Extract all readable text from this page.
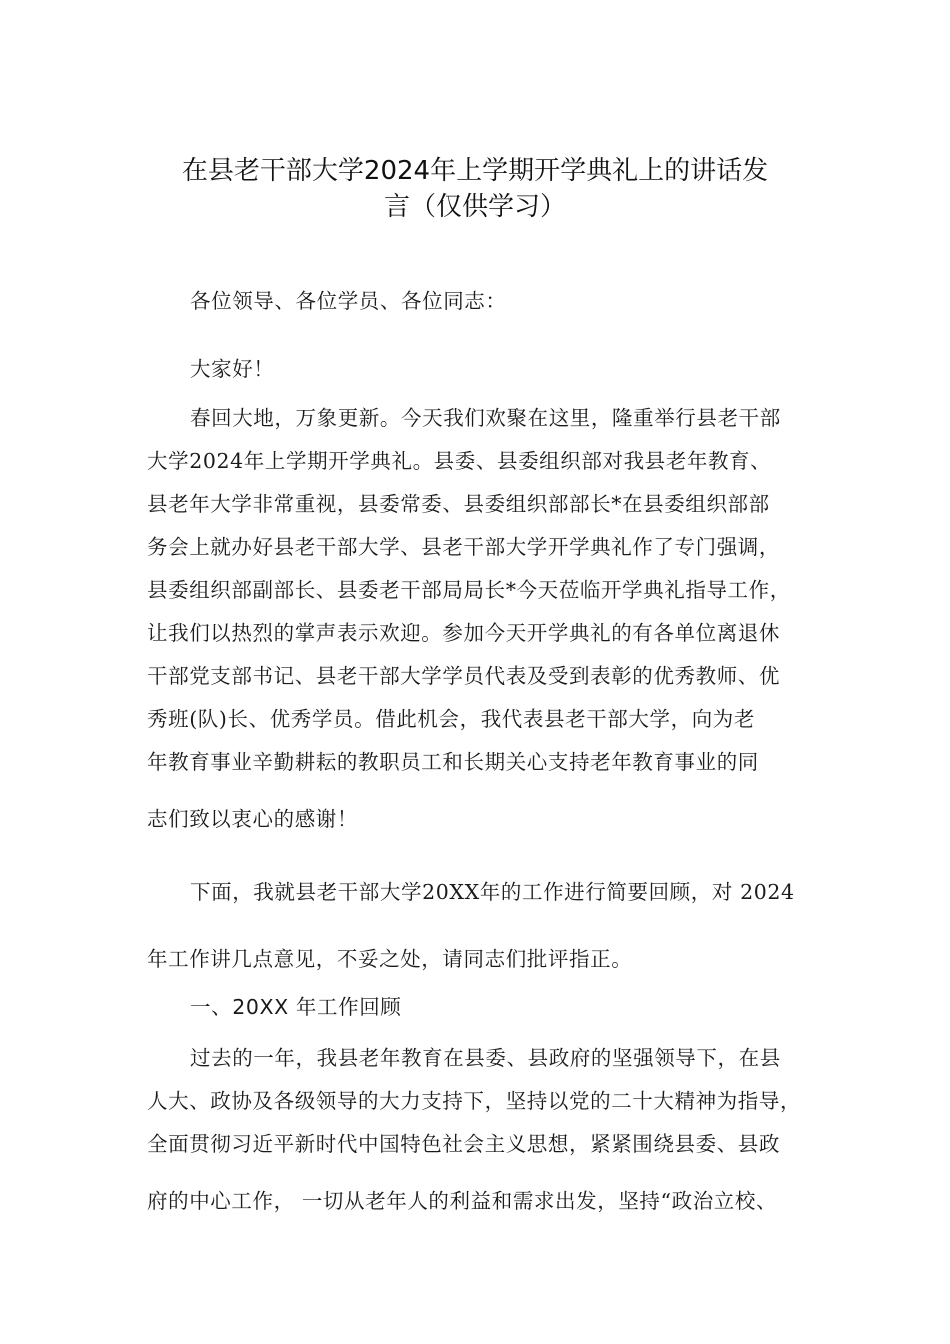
在县老干部大学2024年上学期开学典礼上的讲话发
言（仅供学习）
各位领导、各位学员、各位同志：
大家好！
春回大地，万象更新。今天我们欢聚在这里，隆重举行县老干部
大学2024年上学期开学典礼。县委、县委组织部对我县老年教育、
县老年大学非常重视，县委常委、县委组织部部长*在县委组织部部
务会上就办好县老干部大学、县老干部大学开学典礼作了专门强调，
县委组织部副部长、县委老干部局局长*今天莅临开学典礼指导工作，
让我们以热烈的掌声表示欢迎。参加今天开学典礼的有各单位离退休
干部党支部书记、县老干部大学学员代表及受到表彰的优秀教师、优
秀班(队)长、优秀学员。借此机会，我代表县老干部大学，向为老
年教育事业辛勤耕耘的教职员工和长期关心支持老年教育事业的同
志们致以衷心的感谢！
下面，我就县老干部大学20XX年的工作进行简要回顾，对 2024
年工作讲几点意见，不妥之处，请同志们批评指正。
一、20XX 年工作回顾
过去的一年，我县老年教育在县委、县政府的坚强领导下，在县
人大、政协及各级领导的大力支持下，坚持以党的二十大精神为指导，
全面贯彻习近平新时代中国特色社会主义思想，紧紧围绕县委、县政
府的中心工作， 一切从老年人的利益和需求出发，坚持“政治立校、
